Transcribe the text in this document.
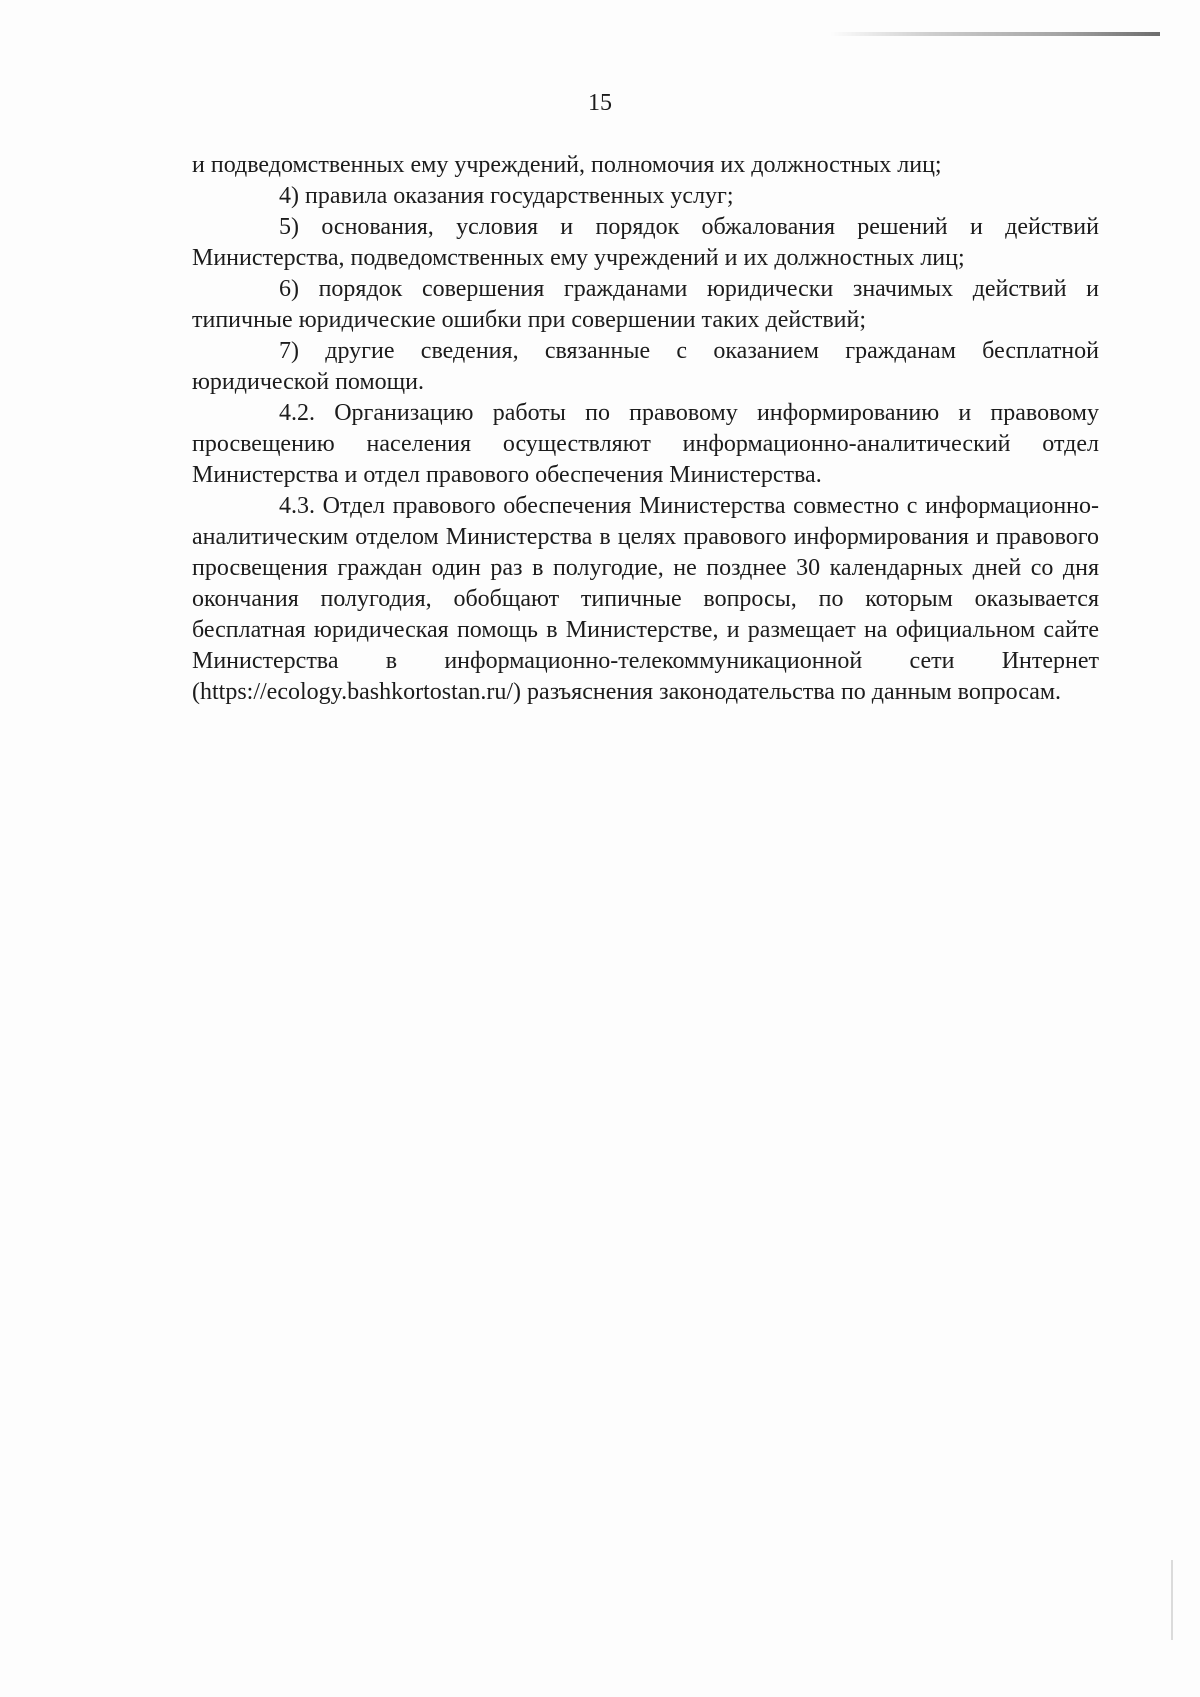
15

и подведомственных ему учреждений, полномочия их должностных лиц;

4) правила оказания государственных услуг;

5) основания, условия и порядок обжалования решений и действий Министерства, подведомственных ему учреждений и их должностных лиц;

6) порядок совершения гражданами юридически значимых действий и типичные юридические ошибки при совершении таких действий;

7) другие сведения, связанные с оказанием гражданам бесплатной юридической помощи.

4.2. Организацию работы по правовому информированию и правовому просвещению населения осуществляют информационно-аналитический отдел Министерства и отдел правового обеспечения Министерства.

4.3. Отдел правового обеспечения Министерства совместно с информационно-аналитическим отделом Министерства в целях правового информирования и правового просвещения граждан один раз в полугодие, не позднее 30 календарных дней со дня окончания полугодия, обобщают типичные вопросы, по которым оказывается бесплатная юридическая помощь в Министерстве, и размещает на официальном сайте Министерства в информационно-телекоммуникационной сети Интернет

(https://ecology.bashkortostan.ru/) разъяснения законодательства по данным вопросам.
